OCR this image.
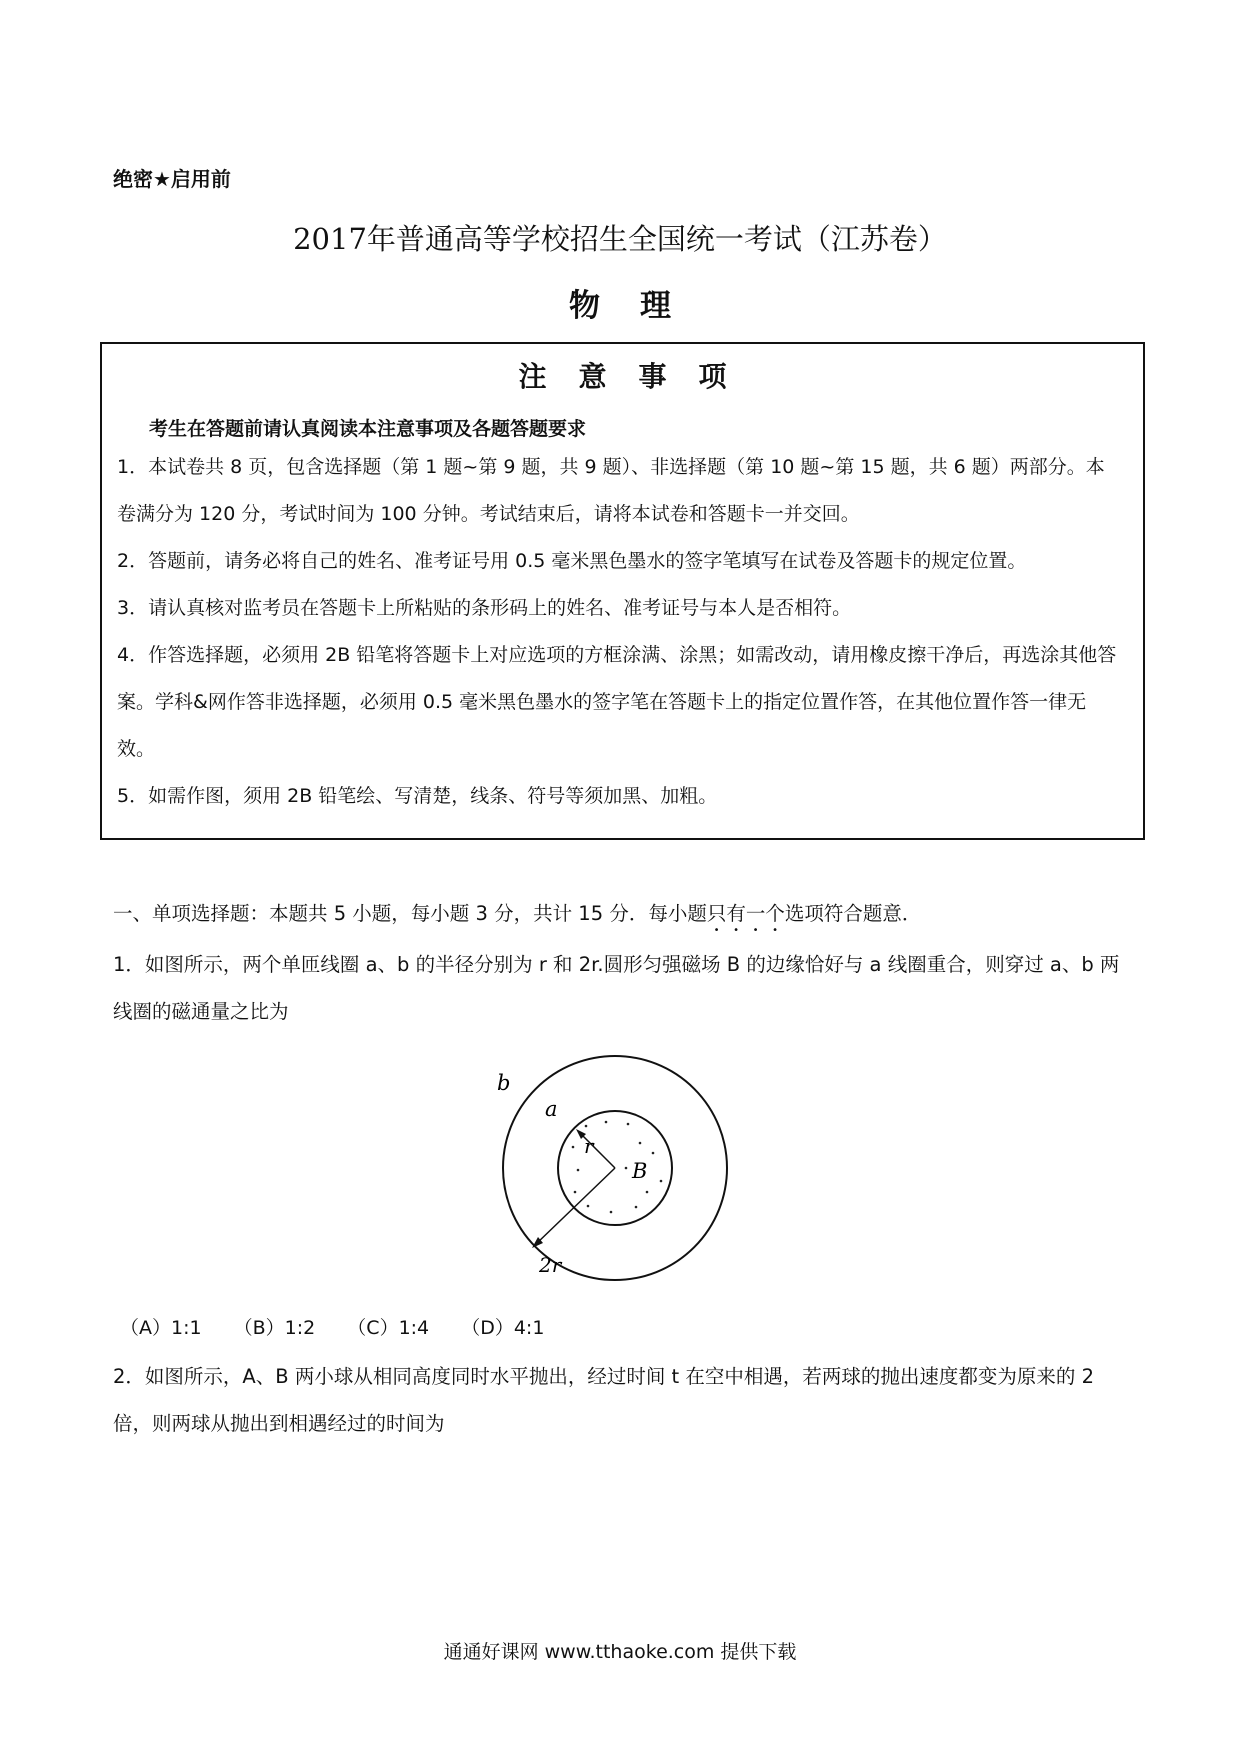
绝密★启用前
2017年普通高等学校招生全国统一考试（江苏卷）
物理
注意事项
考生在答题前请认真阅读本注意事项及各题答题要求
1．本试卷共 8 页，包含选择题（第 1 题~第 9 题，共 9 题）、非选择题（第 10 题~第 15 题，共 6 题）两部分。本卷满分为 120 分，考试时间为 100 分钟。考试结束后，请将本试卷和答题卡一并交回。
2．答题前，请务必将自己的姓名、准考证号用 0.5 毫米黑色墨水的签字笔填写在试卷及答题卡的规定位置。
3．请认真核对监考员在答题卡上所粘贴的条形码上的姓名、准考证号与本人是否相符。
4．作答选择题，必须用 2B 铅笔将答题卡上对应选项的方框涂满、涂黑；如需改动，请用橡皮擦干净后，再选涂其他答案。学科&网作答非选择题，必须用 0.5 毫米黑色墨水的签字笔在答题卡上的指定位置作答，在其他位置作答一律无效。
5．如需作图，须用 2B 铅笔绘、写清楚，线条、符号等须加黑、加粗。
一、单项选择题：本题共 5 小题，每小题 3 分，共计 15 分．每小题只有一个选项符合题意．
1．如图所示，两个单匝线圈 a、b 的半径分别为 r 和 2r.圆形匀强磁场 B 的边缘恰好与 a 线圈重合，则穿过 a、b 两线圈的磁通量之比为
b
a
r
2r
B
（A）1:1 （B）1:2 （C）1:4 （D）4:1
2．如图所示，A、B 两小球从相同高度同时水平抛出，经过时间 t 在空中相遇，若两球的抛出速度都变为原来的 2 倍，则两球从抛出到相遇经过的时间为
通通好课网 www.tthaoke.com 提供下载
